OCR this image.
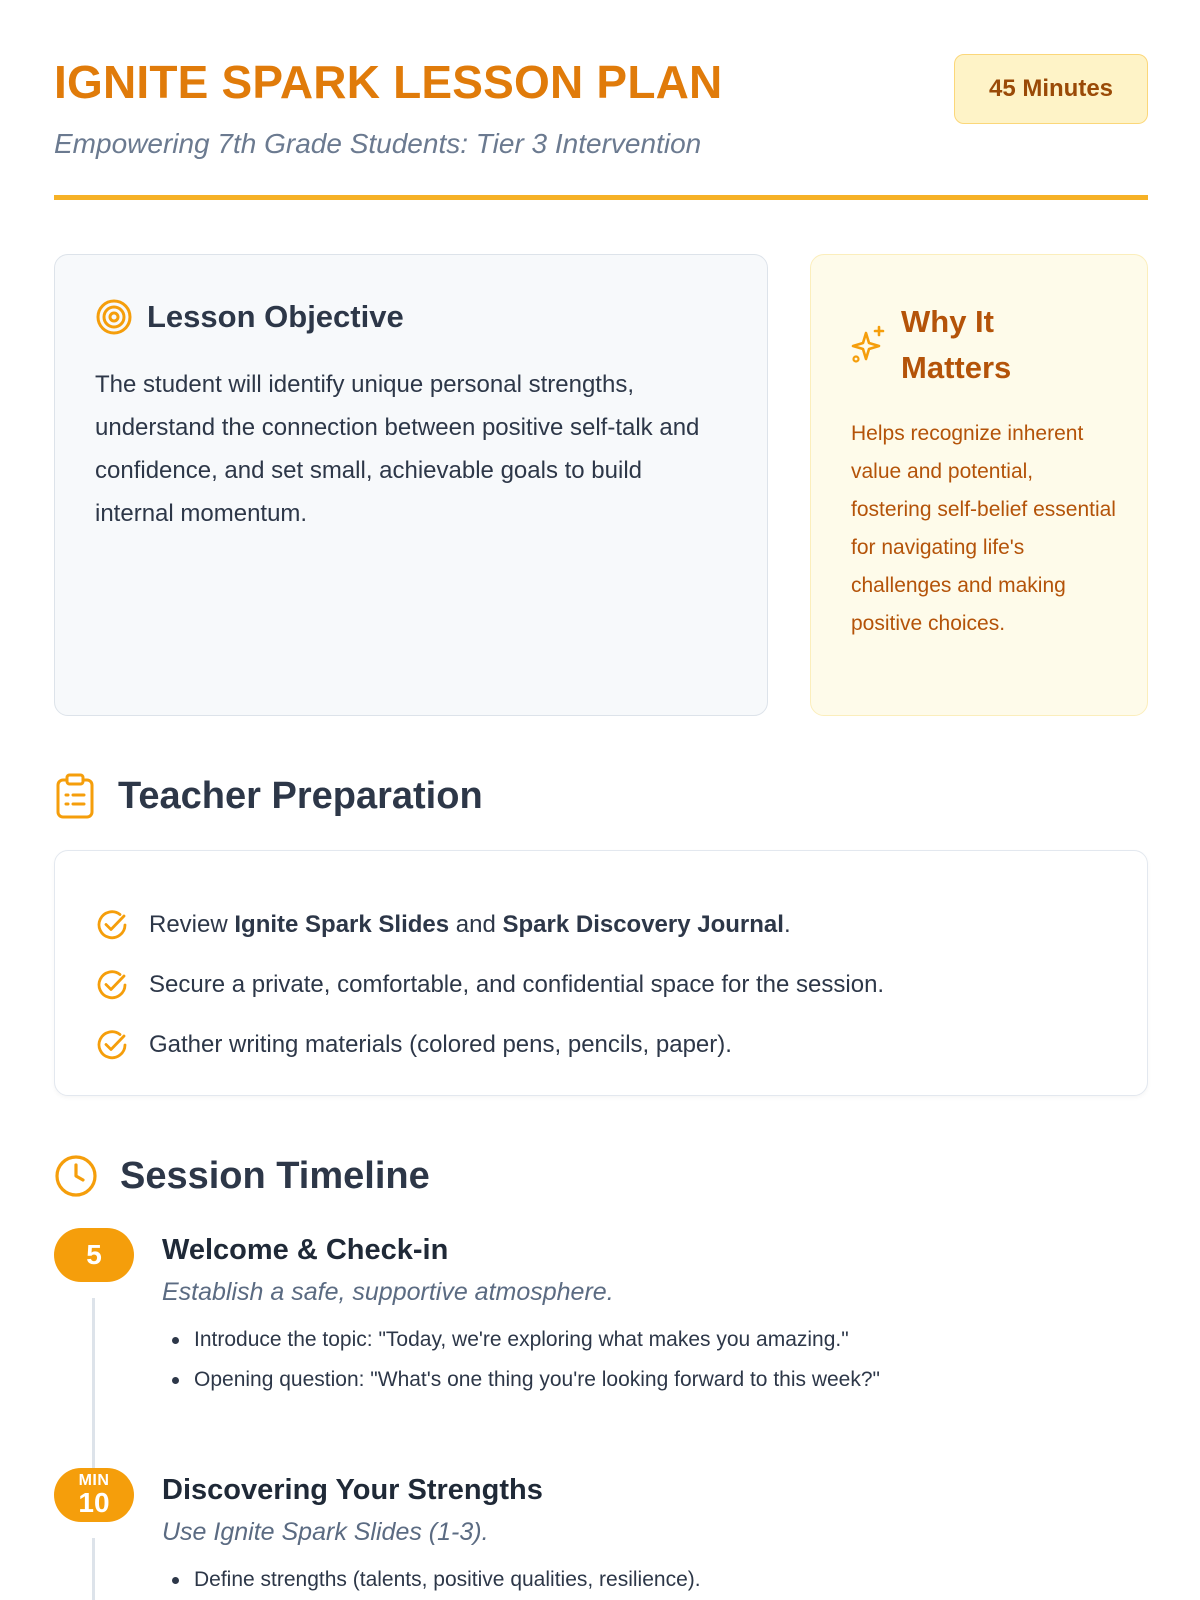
IGNITE SPARK LESSON PLAN
Empowering 7th Grade Students: Tier 3 Intervention
45 Minutes
Lesson Objective

The student will identify unique personal strengths, understand the connection between positive self-talk and confidence, and set small, achievable goals to build internal momentum.

Why It Matters

Helps recognize inherent value and potential, fostering self-belief essential for navigating life's challenges and making positive choices.

Teacher Preparation
Review Ignite Spark Slides and Spark Discovery Journal.
Secure a private, comfortable, and confidential space for the session.
Gather writing materials (colored pens, pencils, paper).
Session Timeline
5 Welcome & Check-in
Establish a safe, supportive atmosphere.
Introduce the topic: "Today, we're exploring what makes you amazing."
Opening question: "What's one thing you're looking forward to this week?"
MIN
10 Discovering Your Strengths
Use Ignite Spark Slides (1-3).
Define strengths (talents, positive qualities, resilience).
